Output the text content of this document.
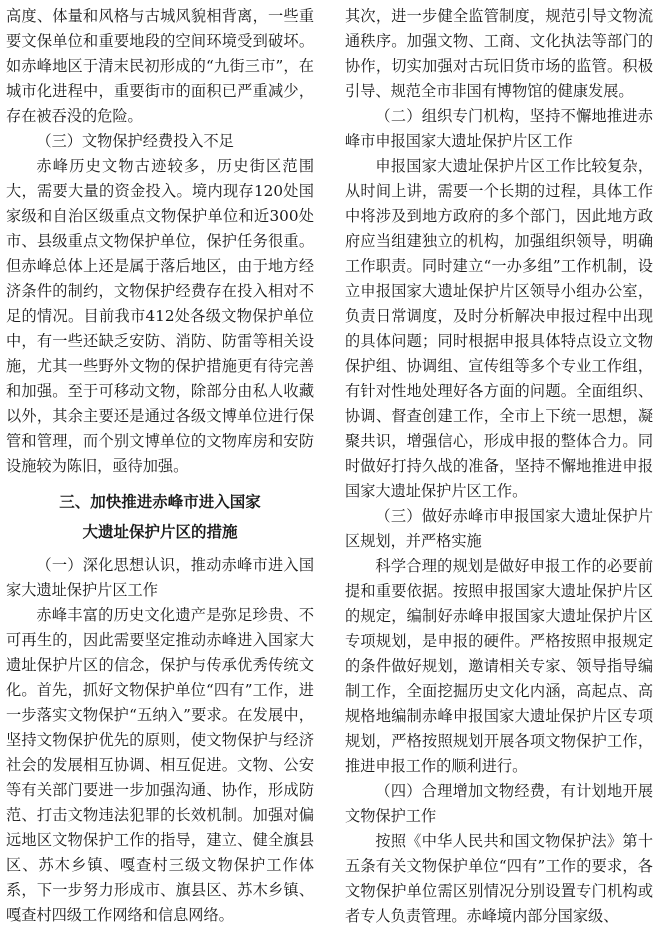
高度、体量和风格与古城风貌相背离，一些重要文保单位和重要地段的空间环境受到破坏。如赤峰地区于清末民初形成的“九街三市”，在城市化进程中，重要街市的面积已严重减少，存在被吞没的危险。

（三）文物保护经费投入不足

赤峰历史文物古迹较多，历史街区范围大，需要大量的资金投入。境内现存120处国家级和自治区级重点文物保护单位和近300处市、县级重点文物保护单位，保护任务很重。但赤峰总体上还是属于落后地区，由于地方经济条件的制约，文物保护经费存在投入相对不足的情况。目前我市412处各级文物保护单位中，有一些还缺乏安防、消防、防雷等相关设施，尤其一些野外文物的保护措施更有待完善和加强。至于可移动文物，除部分由私人收藏以外，其余主要还是通过各级文博单位进行保管和管理，而个别文博单位的文物库房和安防设施较为陈旧，亟待加强。

三、加快推进赤峰市进入国家
大遗址保护片区的措施
（一）深化思想认识，推动赤峰市进入国家大遗址保护片区工作

赤峰丰富的历史文化遗产是弥足珍贵、不可再生的，因此需要坚定推动赤峰进入国家大遗址保护片区的信念，保护与传承优秀传统文化。首先，抓好文物保护单位“四有”工作，进一步落实文物保护“五纳入”要求。在发展中，坚持文物保护优先的原则，使文物保护与经济社会的发展相互协调、相互促进。文物、公安等有关部门要进一步加强沟通、协作，形成防范、打击文物违法犯罪的长效机制。加强对偏远地区文物保护工作的指导，建立、健全旗县区、苏木乡镇、嘎查村三级文物保护工作体系，下一步努力形成市、旗县区、苏木乡镇、嘎查村四级工作网络和信息网络。

其次，进一步健全监管制度，规范引导文物流通秩序。加强文物、工商、文化执法等部门的协作，切实加强对古玩旧货市场的监管。积极引导、规范全市非国有博物馆的健康发展。

（二）组织专门机构，坚持不懈地推进赤峰市申报国家大遗址保护片区工作

申报国家大遗址保护片区工作比较复杂，从时间上讲，需要一个长期的过程，具体工作中将涉及到地方政府的多个部门，因此地方政府应当组建独立的机构，加强组织领导，明确工作职责。同时建立“一办多组”工作机制，设立申报国家大遗址保护片区领导小组办公室，负责日常调度，及时分析解决申报过程中出现的具体问题；同时根据申报具体特点设立文物保护组、协调组、宣传组等多个专业工作组，有针对性地处理好各方面的问题。全面组织、协调、督查创建工作，全市上下统一思想，凝聚共识，增强信心，形成申报的整体合力。同时做好打持久战的准备，坚持不懈地推进申报国家大遗址保护片区工作。

（三）做好赤峰市申报国家大遗址保护片区规划，并严格实施

科学合理的规划是做好申报工作的必要前提和重要依据。按照申报国家大遗址保护片区的规定，编制好赤峰申报国家大遗址保护片区专项规划，是申报的硬件。严格按照申报规定的条件做好规划，邀请相关专家、领导指导编制工作，全面挖掘历史文化内涵，高起点、高规格地编制赤峰申报国家大遗址保护片区专项规划，严格按照规划开展各项文物保护工作，推进申报工作的顺利进行。

（四）合理增加文物经费，有计划地开展文物保护工作

按照《中华人民共和国文物保护法》第十五条有关文物保护单位“四有”工作的要求，各文物保护单位需区别情况分别设置专门机构或者专人负责管理。赤峰境内部分国家级、
